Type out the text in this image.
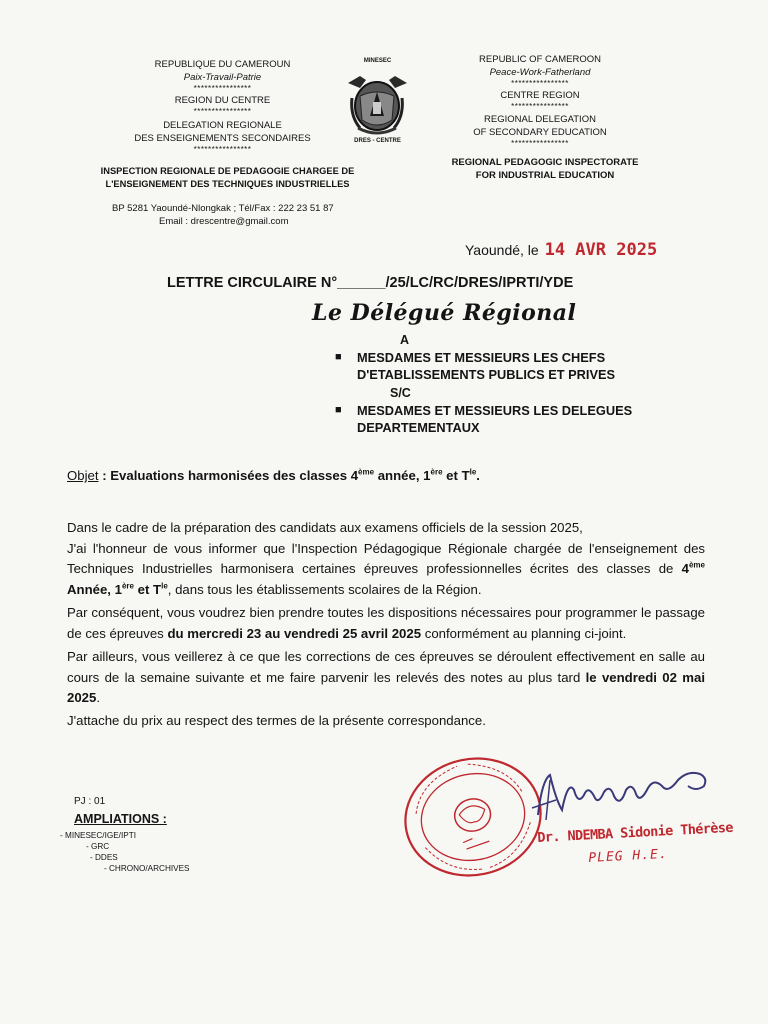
REPUBLIQUE DU CAMEROUN
Paix-Travail-Patrie
****************
REGION DU CENTRE
****************
DELEGATION REGIONALE
DES ENSEIGNEMENTS SECONDAIRES
****************
INSPECTION REGIONALE DE PEDAGOGIE CHARGEE DE
L'ENSEIGNEMENT DES TECHNIQUES INDUSTRIELLES
BP 5281 Yaoundé-Nlongkak ; Tél/Fax : 222 23 51 87
Email : drescentre@gmail.com
MINESEC
DRES - CENTRE
REPUBLIC OF CAMEROON
Peace-Work-Fatherland
****************
CENTRE REGION
****************
REGIONAL DELEGATION
OF SECONDARY EDUCATION
****************
REGIONAL PEDAGOGIC INSPECTORATE
FOR INDUSTRIAL EDUCATION
Yaoundé, le 14 AVR 2025
LETTRE CIRCULAIRE N°______/25/LC/RC/DRES/IPRTI/YDE
Le Délégué Régional
A
■	MESDAMES ET MESSIEURS LES CHEFS
D'ETABLISSEMENTS PUBLICS ET PRIVES
S/C
■	MESDAMES ET MESSIEURS LES DELEGUES
DEPARTEMENTAUX
Objet : Evaluations harmonisées des classes 4ème année, 1ère et $T^{le}$.
Dans le cadre de la préparation des candidats aux examens officiels de la session 2025,
J'ai l'honneur de vous informer que l'Inspection Pédagogique Régionale chargée de l'enseignement des Techniques Industrielles harmonisera certaines épreuves professionnelles écrites des classes de 4ème Année, 1ère et $T^{le}$, dans tous les établissements scolaires de la Région.
Par conséquent, vous voudrez bien prendre toutes les dispositions nécessaires pour programmer le passage de ces épreuves du mercredi 23 au vendredi 25 avril 2025 conformément au planning ci-joint.
Par ailleurs, vous veillerez à ce que les corrections de ces épreuves se déroulent effectivement en salle au cours de la semaine suivante et me faire parvenir les relevés des notes au plus tard le vendredi 02 mai 2025.
J'attache du prix au respect des termes de la présente correspondance.
PJ : 01
AMPLIATIONS :
- MINESEC/IGE/IPTI
- GRC
- DDES
- CHRONO/ARCHIVES
Dr. NDEMBA Sidonie Thérèse
PLEG H.E.
